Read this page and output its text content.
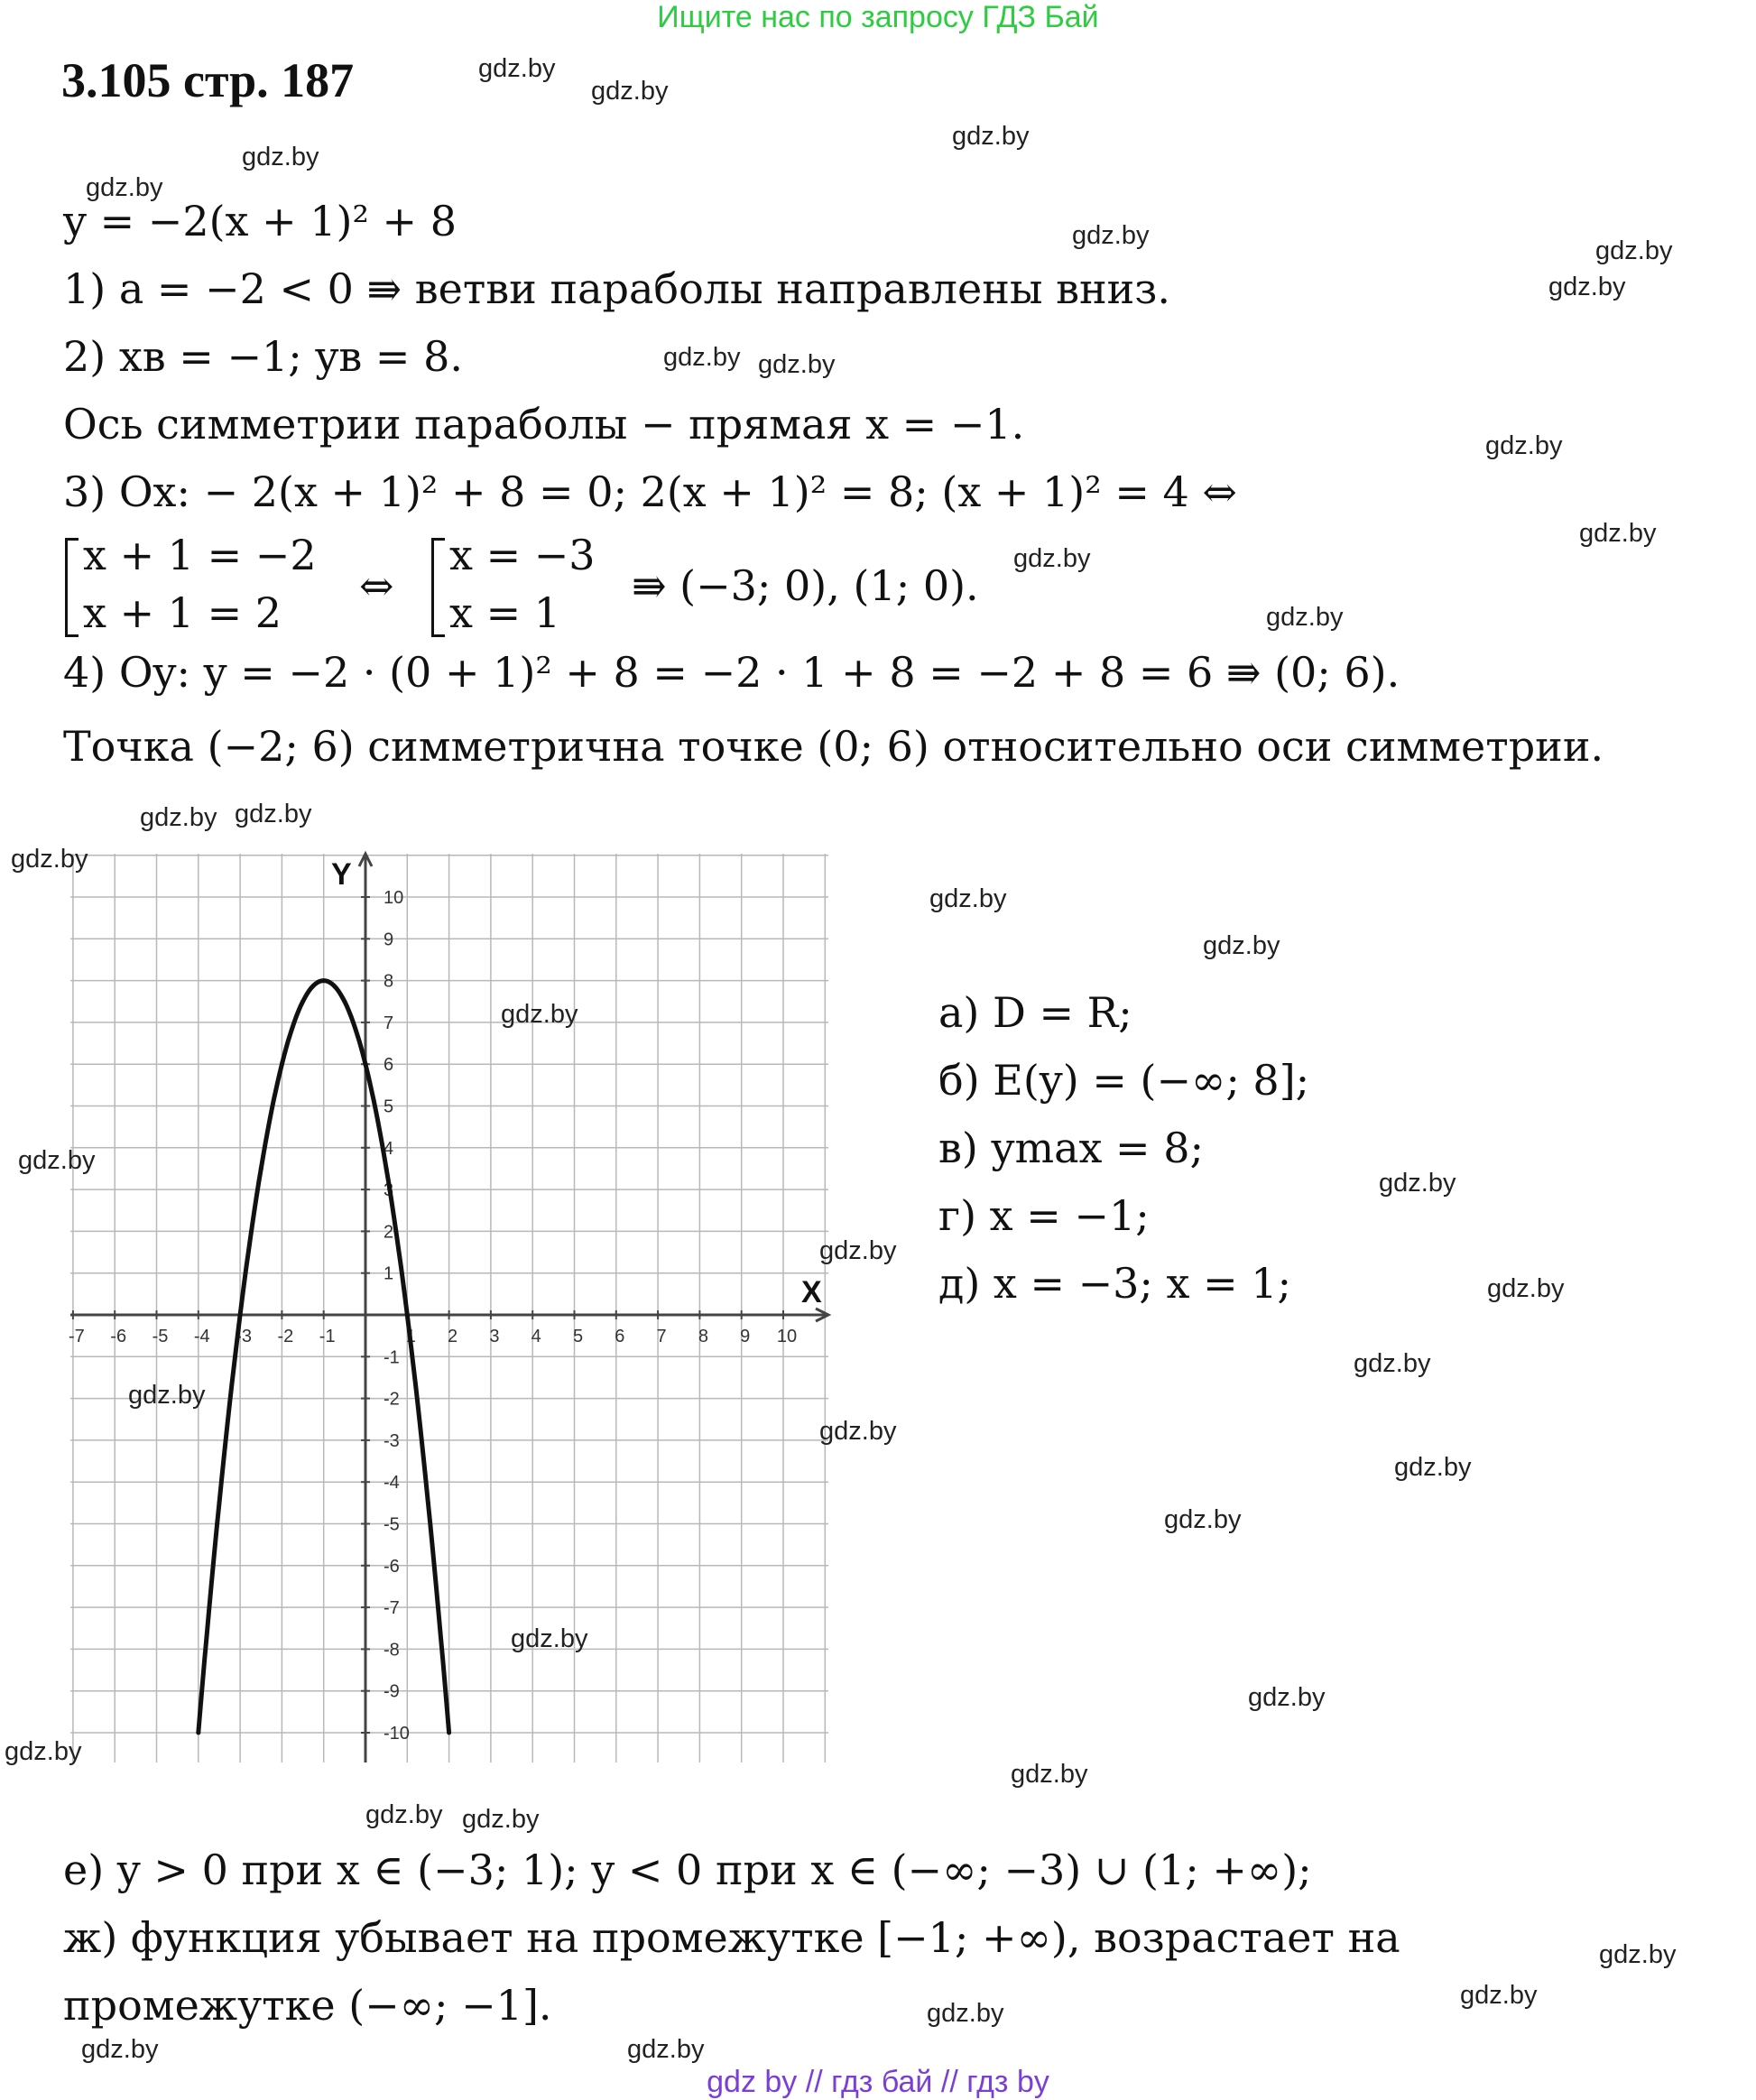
Ищите нас по запросу ГДЗ Бай
3.105 стр. 187
y = −2(x + 1)² + 8
1) a = −2 < 0 ⇛ ветви параболы направлены вниз.
2) xв = −1; yв = 8.
Ось симметрии параболы − прямая x = −1.
3) Ox: − 2(x + 1)² + 8 = 0; 2(x + 1)² = 8; (x + 1)² = 4 ⇔
x + 1 = −2
x + 1 = 2
⇔
x = −3
x = 1
⇛ (−3; 0), (1; 0).
4) Oy: y = −2 · (0 + 1)² + 8 = −2 · 1 + 8 = −2 + 8 = 6 ⇛ (0; 6).
Точка (−2; 6) симметрична точке (0; 6) относительно оси симметрии.
-7 -6 -5 -4 -3 -2 -1	1 2 3 4 5 6 7 8 9 10
-10
-9
-8
-7
-6
-5
-4
-3
-2
-1
1
2
3
4
5
6
7
8
9
10
X
Y
а) D = R;
б) E(y) = (−∞; 8];
в) ymax = 8;
г) x = −1;
д) x = −3; x = 1;
е) y > 0 при x ∈ (−3; 1); y < 0 при x ∈ (−∞; −3) ∪ (1; +∞);
ж) функция убывает на промежутке [−1; +∞), возрастает на
промежутке (−∞; −1].
gdz.by
gdz.by
gdz.by
gdz.by
gdz.by
gdz.by
gdz.by
gdz.by
gdz.by gdz.by
gdz.by
gdz.by
gdz.by
gdz.by
gdz.by gdz.by
gdz.by
gdz.by
gdz.by
gdz.by
gdz.by
gdz.by
gdz.by
gdz.by
gdz.by
gdz.by
gdz.by
gdz.by
gdz.by
gdz.by
gdz.by
gdz.by
gdz.by
gdz.by gdz.by
gdz.by
gdz.by
gdz.by
gdz.by	gdz.by
gdz by // гдз бай // гдз by
